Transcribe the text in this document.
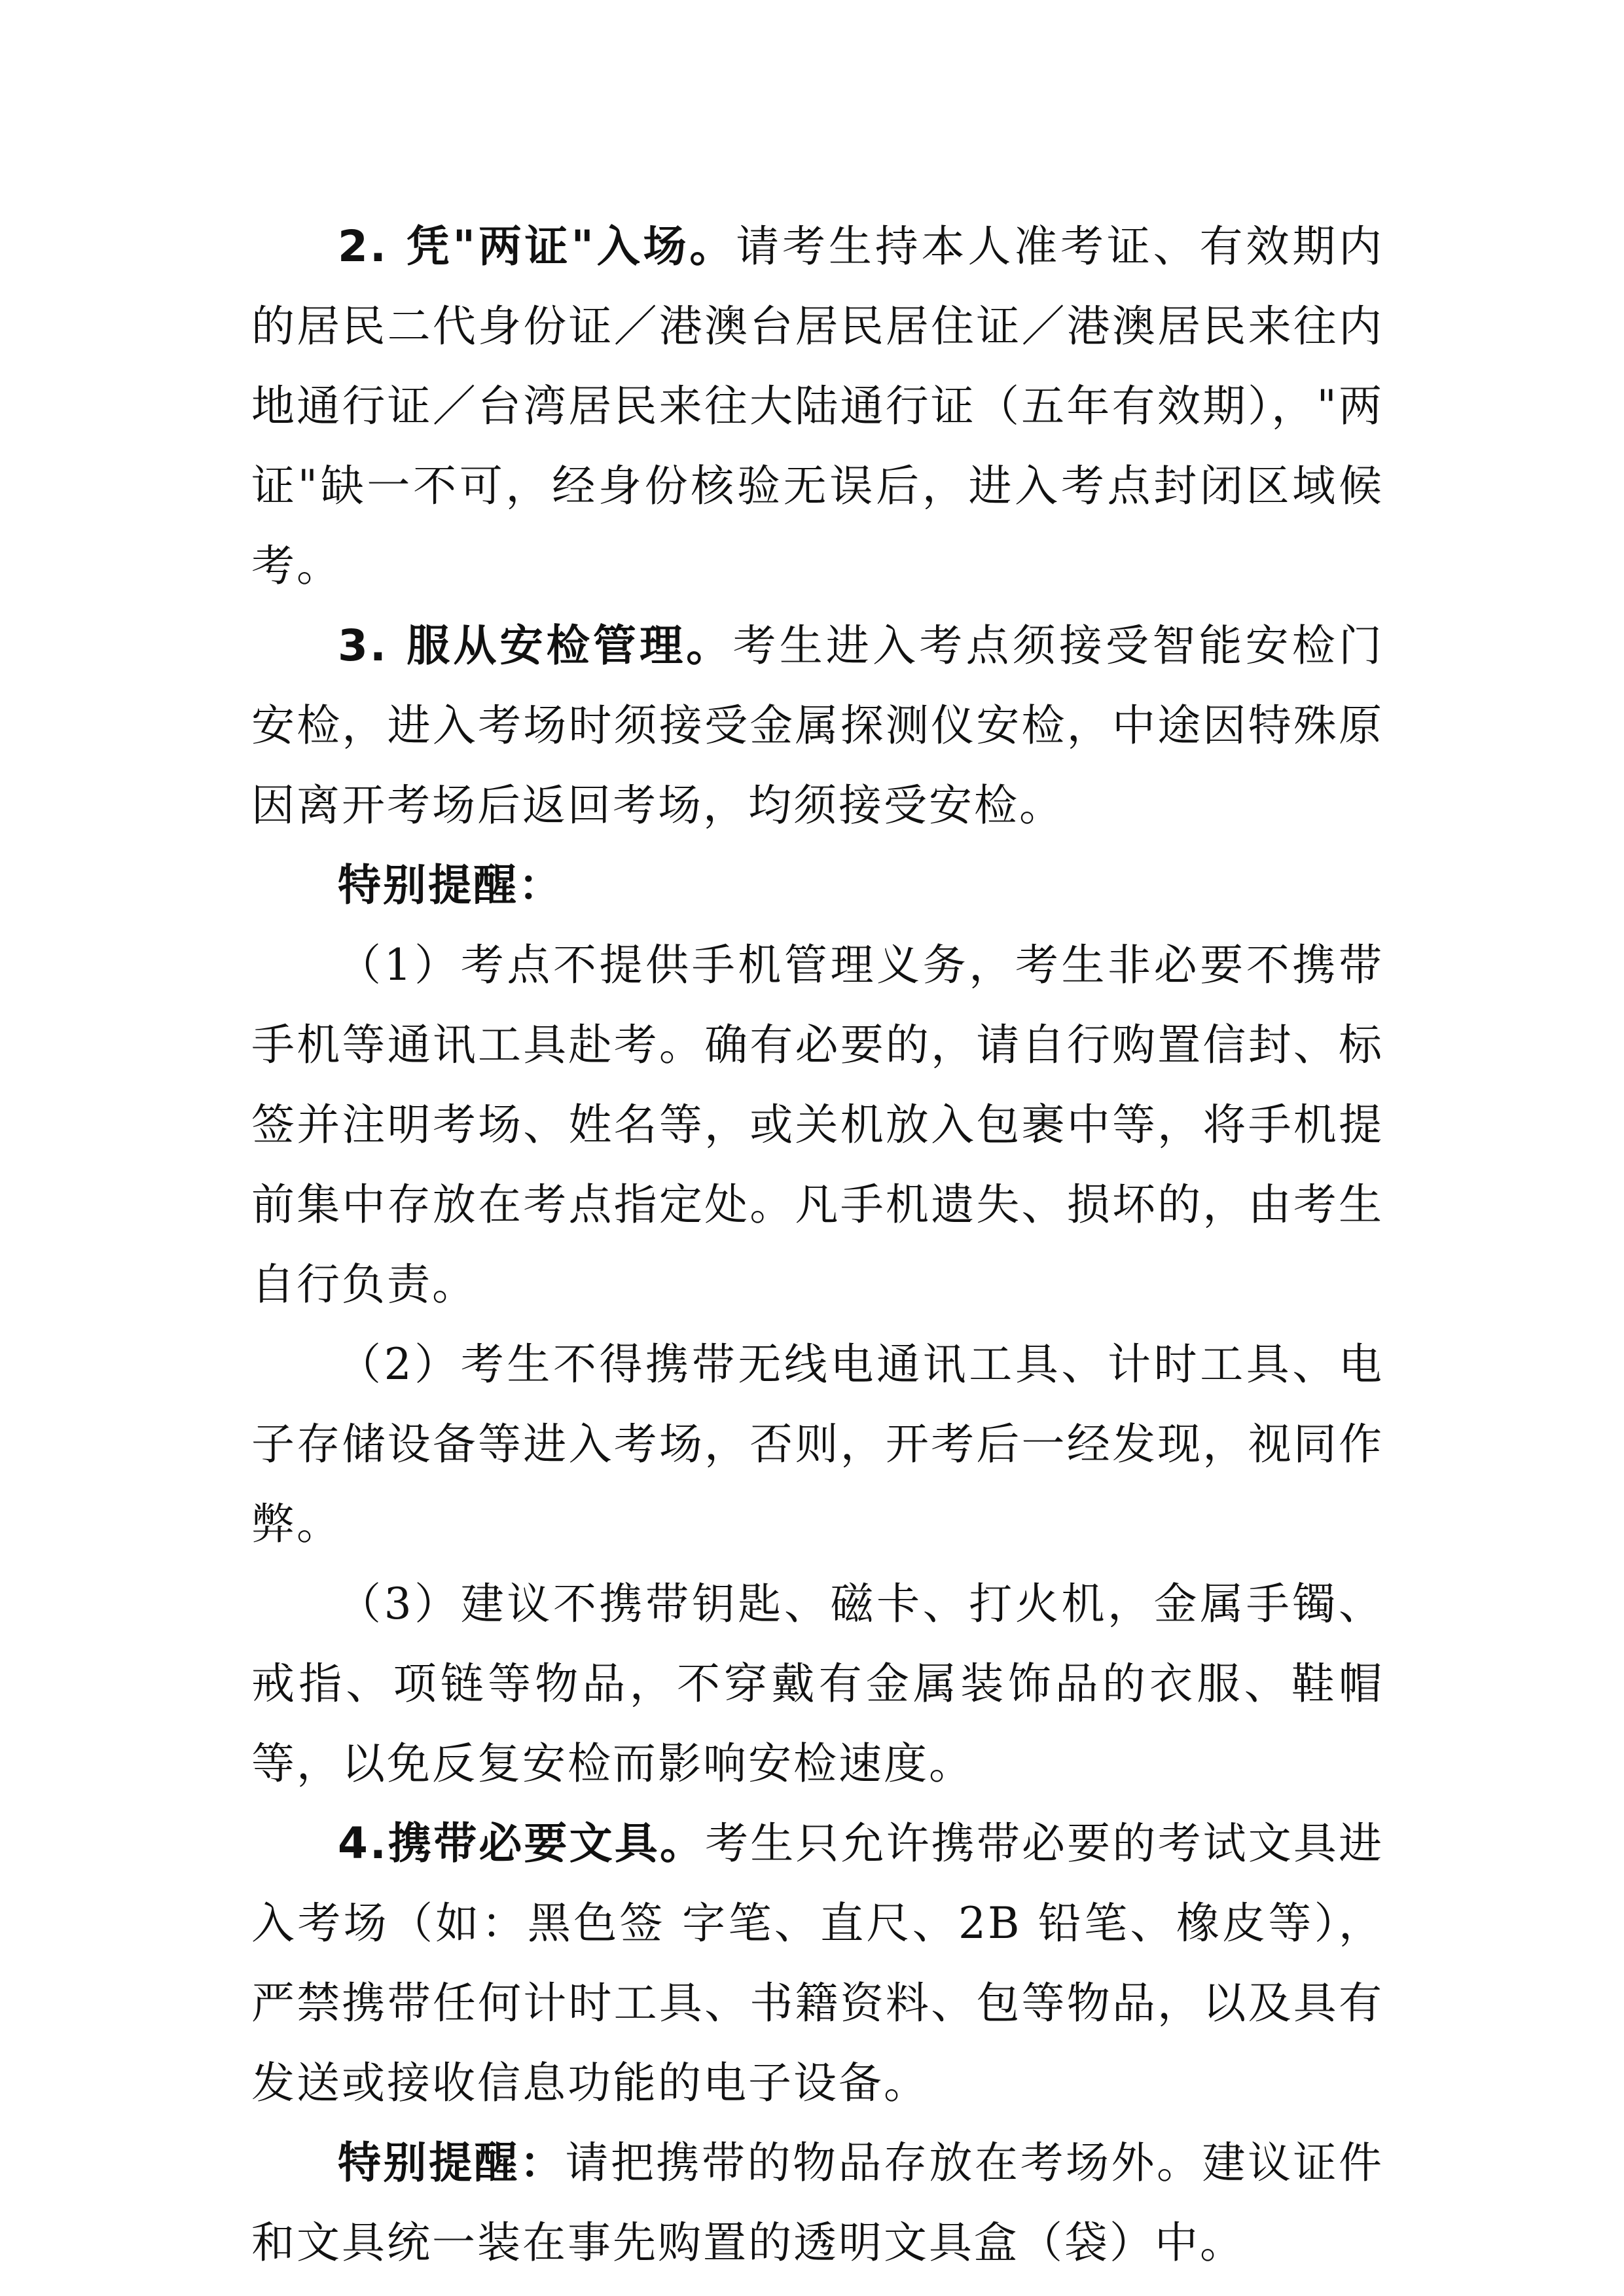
2. 凭"两证"入场。请考生持本人准考证、有效期内的居民二代身份证／港澳台居民居住证／港澳居民来往内地通行证／台湾居民来往大陆通行证（五年有效期），"两证"缺一不可，经身份核验无误后，进入考点封闭区域候考。

3. 服从安检管理。考生进入考点须接受智能安检门安检，进入考场时须接受金属探测仪安检，中途因特殊原因离开考场后返回考场，均须接受安检。

特别提醒：

（1）考点不提供手机管理义务，考生非必要不携带手机等通讯工具赴考。确有必要的，请自行购置信封、标签并注明考场、姓名等，或关机放入包裹中等，将手机提前集中存放在考点指定处。凡手机遗失、损坏的，由考生自行负责。

（2）考生不得携带无线电通讯工具、计时工具、电子存储设备等进入考场，否则，开考后一经发现，视同作弊。

（3）建议不携带钥匙、磁卡、打火机，金属手镯、戒指、项链等物品，不穿戴有金属装饰品的衣服、鞋帽等，以免反复安检而影响安检速度。

4.携带必要文具。考生只允许携带必要的考试文具进入考场（如：黑色签 字笔、直尺、2B 铅笔、橡皮等），严禁携带任何计时工具、书籍资料、包等物品，以及具有发送或接收信息功能的电子设备。

特别提醒：请把携带的物品存放在考场外。建议证件和文具统一装在事先购置的透明文具盒（袋）中。
